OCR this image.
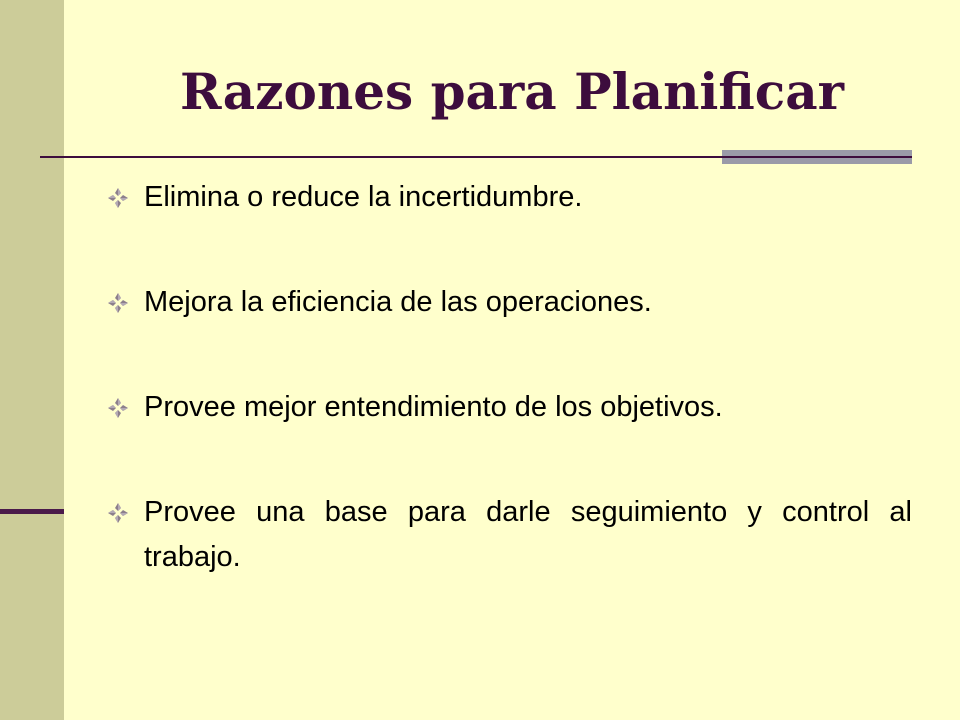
Razones para Planificar
Elimina o reduce la incertidumbre.
Mejora la eficiencia de las operaciones.
Provee mejor entendimiento de los objetivos.
Provee una base para darle seguimiento y control al trabajo.
